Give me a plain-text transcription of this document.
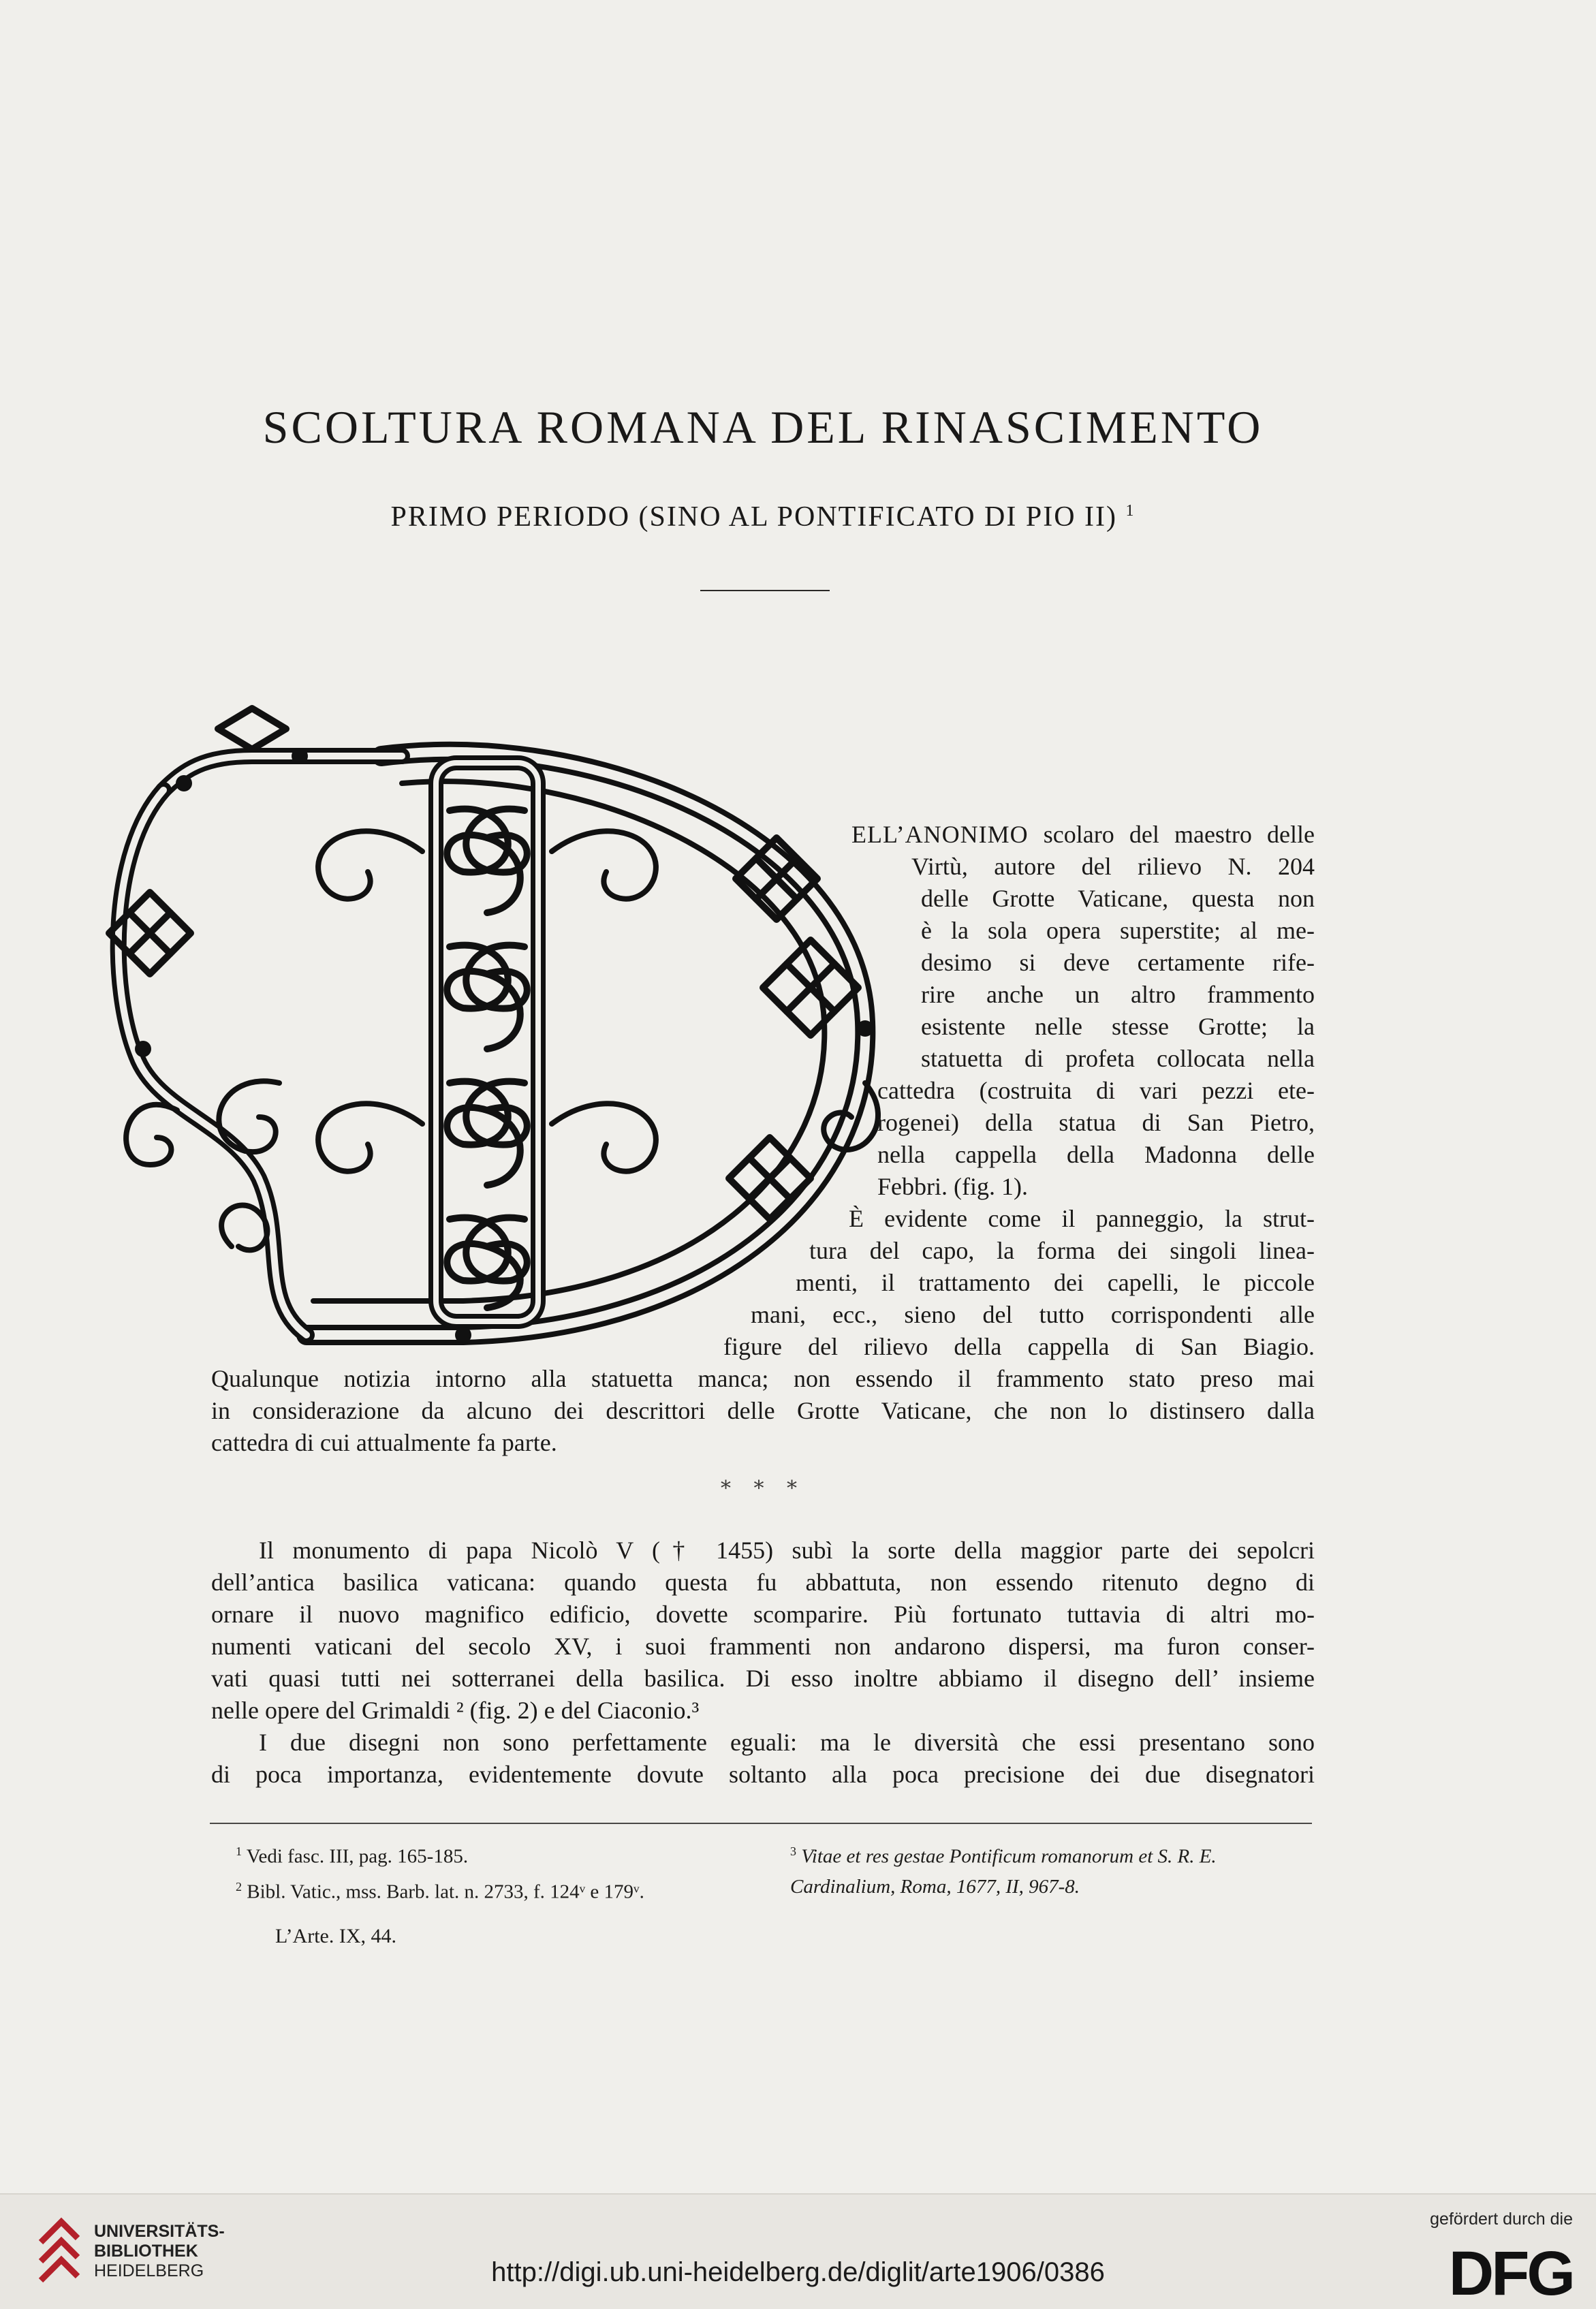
SCOLTURA ROMANA DEL RINASCIMENTO
PRIMO PERIODO (SINO AL PONTIFICATO DI PIO II) $^1$
ELL’ANONIMO scolaro del maestro delle
Virtù, autore del rilievo N. 204
delle Grotte Vaticane, questa non
è la sola opera superstite; al me-
desimo si deve certamente rife-
rire anche un altro frammento
esistente nelle stesse Grotte; la
statuetta di profeta collocata nella
cattedra (costruita di vari pezzi ete-
rogenei) della statua di San Pietro,
nella cappella della Madonna delle
Febbri. (fig. 1).
È evidente come il panneggio, la strut-
tura del capo, la forma dei singoli linea-
menti, il trattamento dei capelli, le piccole
mani, ecc., sieno del tutto corrispondenti alle
figure del rilievo della cappella di San Biagio.
Qualunque notizia intorno alla statuetta manca; non essendo il frammento stato preso mai
in considerazione da alcuno dei descrittori delle Grotte Vaticane, che non lo distinsero dalla
cattedra di cui attualmente fa parte.
* * *
Il monumento di papa Nicolò V († 1455) subì la sorte della maggior parte dei sepolcri
dell’antica basilica vaticana: quando questa fu abbattuta, non essendo ritenuto degno di
ornare il nuovo magnifico edificio, dovette scomparire. Più fortunato tuttavia di altri mo-
numenti vaticani del secolo XV, i suoi frammenti non andarono dispersi, ma furon conser-
vati quasi tutti nei sotterranei della basilica. Di esso inoltre abbiamo il disegno dell’ insieme
nelle opere del Grimaldi ² (fig. 2) e del Ciaconio.³
I due disegni non sono perfettamente eguali: ma le diversità che essi presentano sono
di poca importanza, evidentemente dovute soltanto alla poca precisione dei due disegnatori
$^1$ Vedi fasc. III, pag. 165-185.
$^2$ Bibl. Vatic., mss. Barb. lat. n. 2733, f. 124ᵛ e 179ᵛ.
$^3$ Vitae et res gestae Pontificum romanorum et S. R. E.
Cardinalium, Roma, 1677, II, 967-8.
L’Arte. IX, 44.
UNIVERSITÄTS-
BIBLIOTHEK
HEIDELBERG	http://digi.ub.uni-heidelberg.de/diglit/arte1906/0386
gefördert durch die
DFG
